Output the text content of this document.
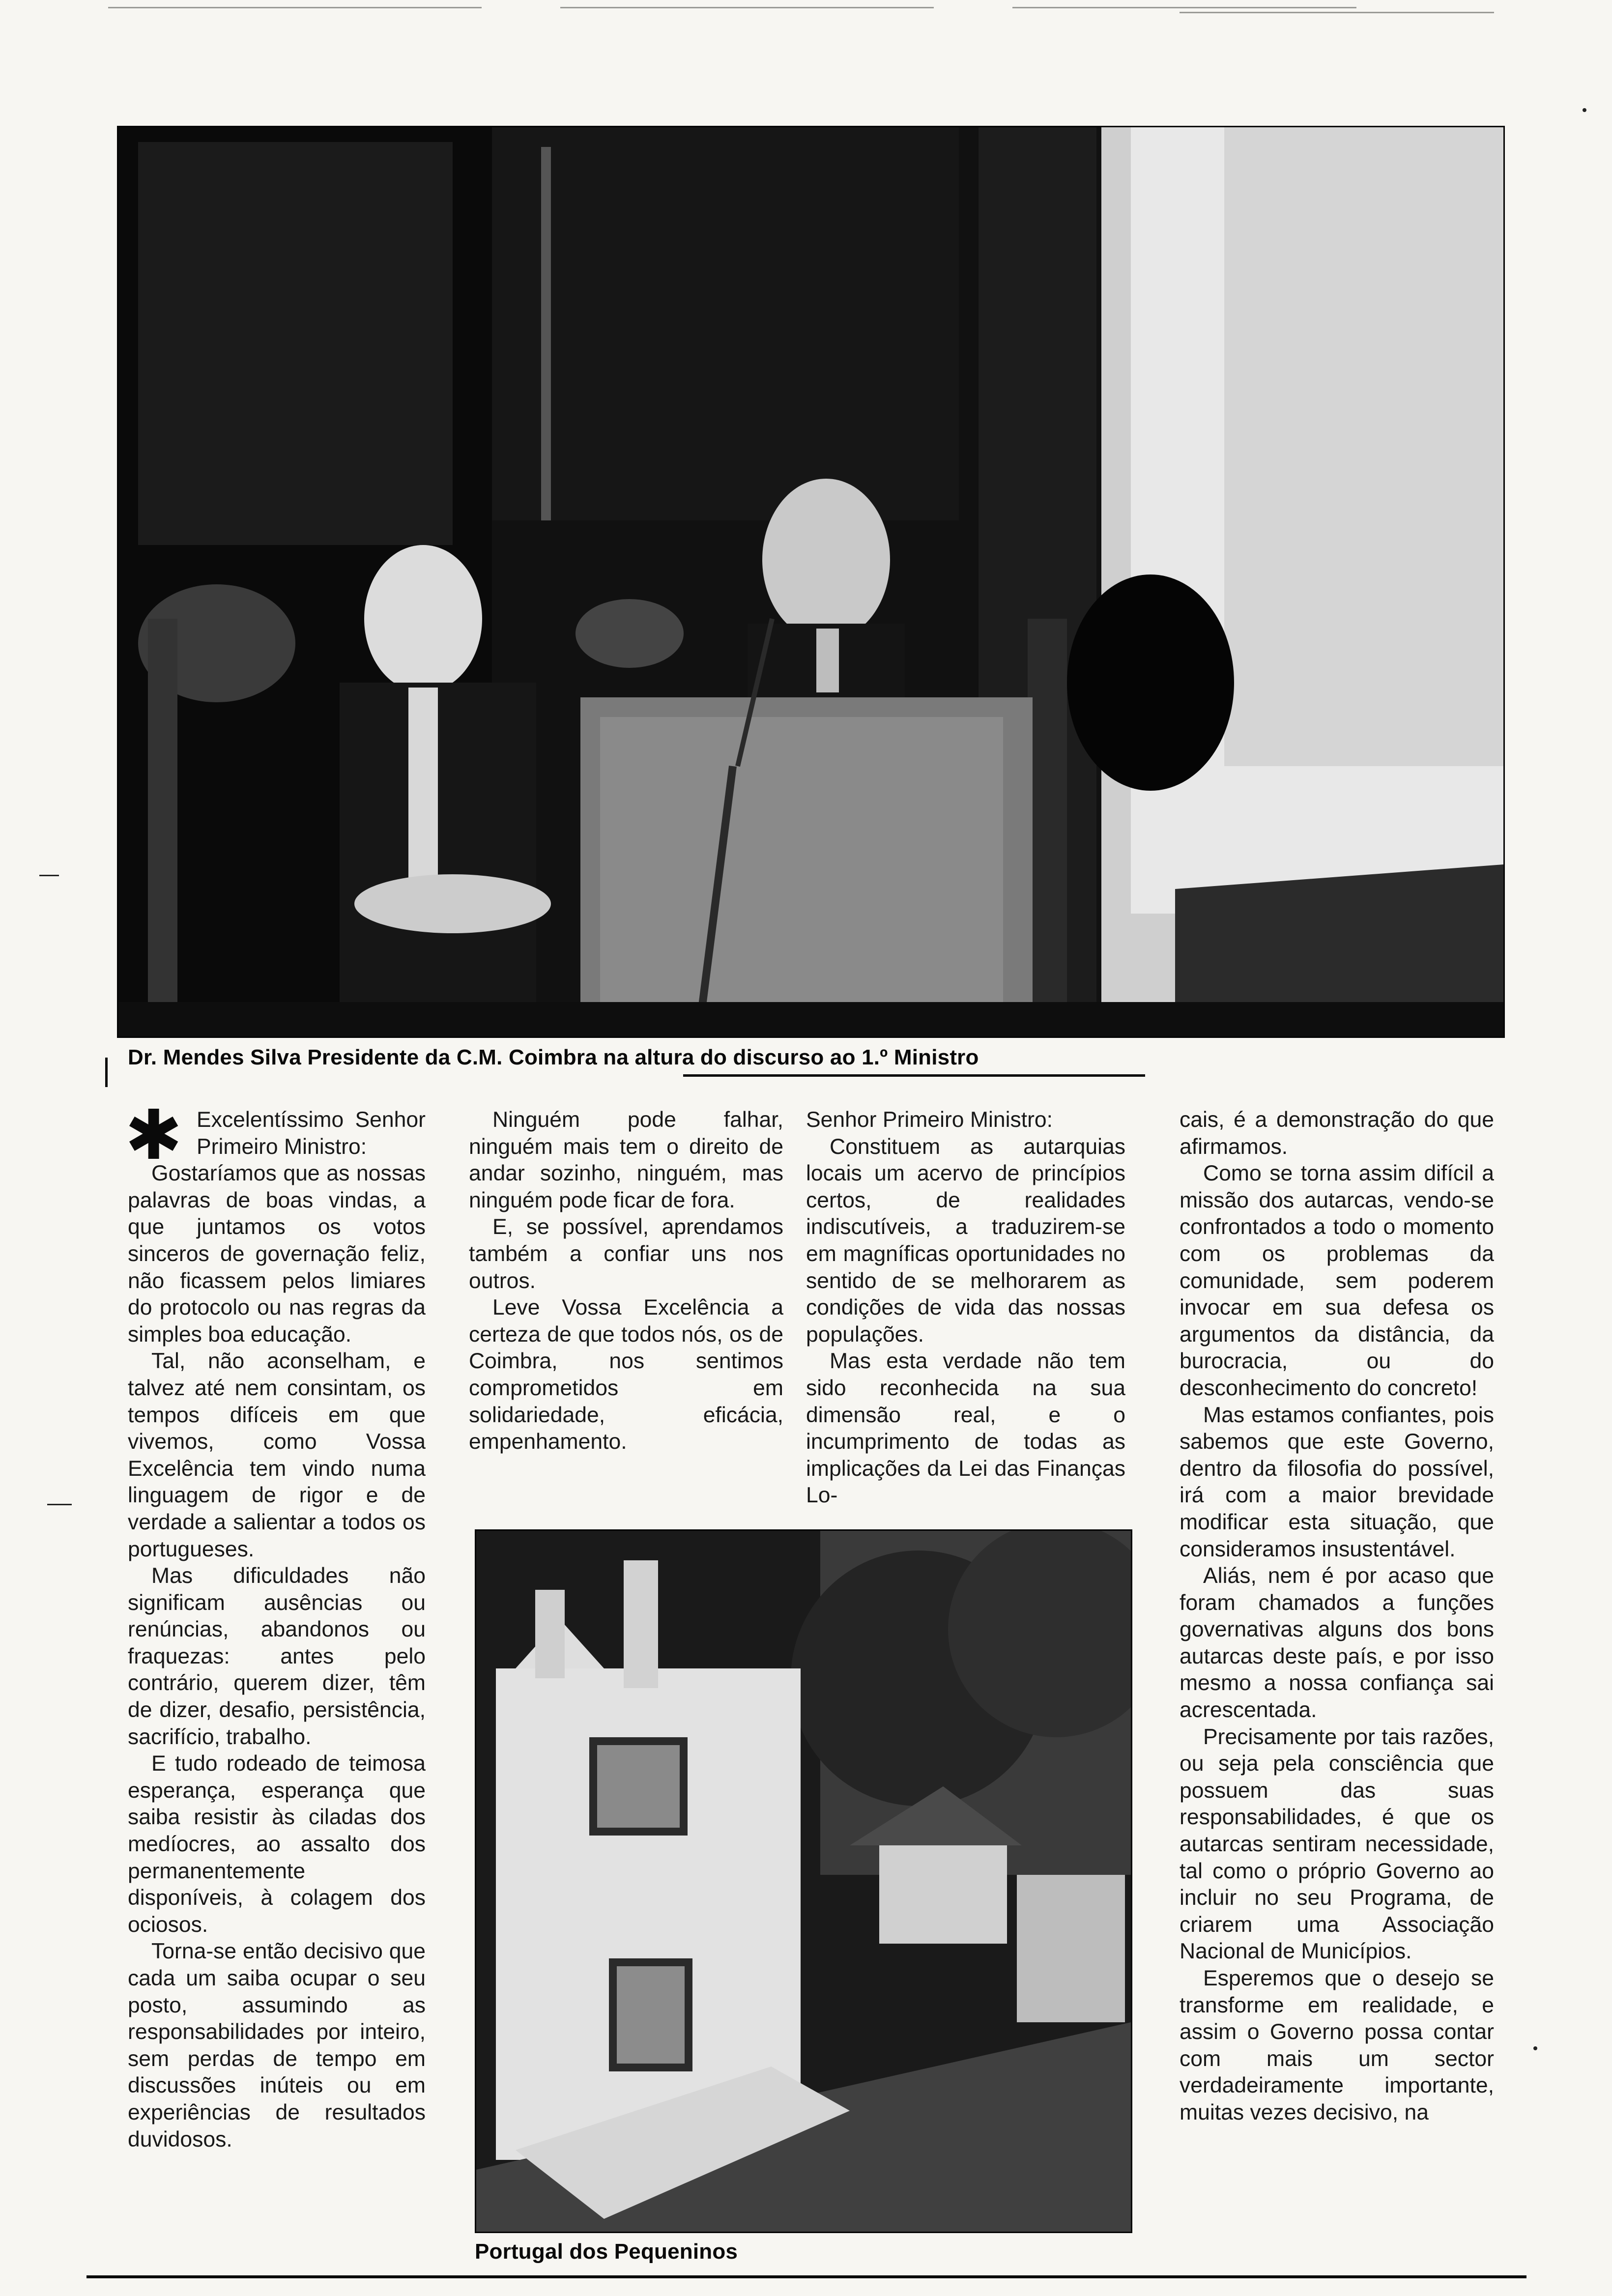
Dr. Mendes Silva Presidente da C.M. Coimbra na altura do discurso ao 1.º Ministro
✱ Excelentíssimo Senhor Primeiro Ministro:

Gostaríamos que as nossas palavras de boas vindas, a que juntamos os votos sinceros de governação feliz, não ficassem pelos limiares do protocolo ou nas regras da simples boa educação.

Tal, não aconselham, e talvez até nem consintam, os tempos difíceis em que vivemos, como Vossa Excelência tem vindo numa linguagem de rigor e de verdade a salientar a todos os portugueses.

Mas dificuldades não significam ausências ou renúncias, abandonos ou fraquezas: antes pelo contrário, querem dizer, têm de dizer, desafio, persistência, sacrifício, trabalho.

E tudo rodeado de teimosa esperança, esperança que saiba resistir às ciladas dos medíocres, ao assalto dos permanentemente disponíveis, à colagem dos ociosos.

Torna-se então decisivo que cada um saiba ocupar o seu posto, assumindo as responsabilidades por inteiro, sem perdas de tempo em discussões inúteis ou em experiências de resultados duvidosos.

Ninguém pode falhar, ninguém mais tem o direito de andar sozinho, ninguém, mas ninguém pode ficar de fora.

E, se possível, aprendamos também a confiar uns nos outros.

Leve Vossa Excelência a certeza de que todos nós, os de Coimbra, nos sentimos comprometidos em solidariedade, eficácia, empenhamento.

Senhor Primeiro Ministro:

Constituem as autarquias locais um acervo de princípios certos, de realidades indiscutíveis, a traduzirem-se em magníficas oportunidades no sentido de se melhorarem as condições de vida das nossas populações.

Mas esta verdade não tem sido reconhecida na sua dimensão real, e o incumprimento de todas as implicações da Lei das Finanças Lo-

cais, é a demonstração do que afirmamos.

Como se torna assim difícil a missão dos autarcas, vendo-se confrontados a todo o momento com os problemas da comunidade, sem poderem invocar em sua defesa os argumentos da distância, da burocracia, ou do desconhecimento do concreto!

Mas estamos confiantes, pois sabemos que este Governo, dentro da filosofia do possível, irá com a maior brevidade modificar esta situação, que consideramos insustentável.

Aliás, nem é por acaso que foram chamados a funções governativas alguns dos bons autarcas deste país, e por isso mesmo a nossa confiança sai acrescentada.

Precisamente por tais razões, ou seja pela consciência que possuem das suas responsabilidades, é que os autarcas sentiram necessidade, tal como o próprio Governo ao incluir no seu Programa, de criarem uma Associação Nacional de Municípios.

Esperemos que o desejo se transforme em realidade, e assim o Governo possa contar com mais um sector verdadeiramente importante, muitas vezes decisivo, na

Portugal dos Pequeninos
